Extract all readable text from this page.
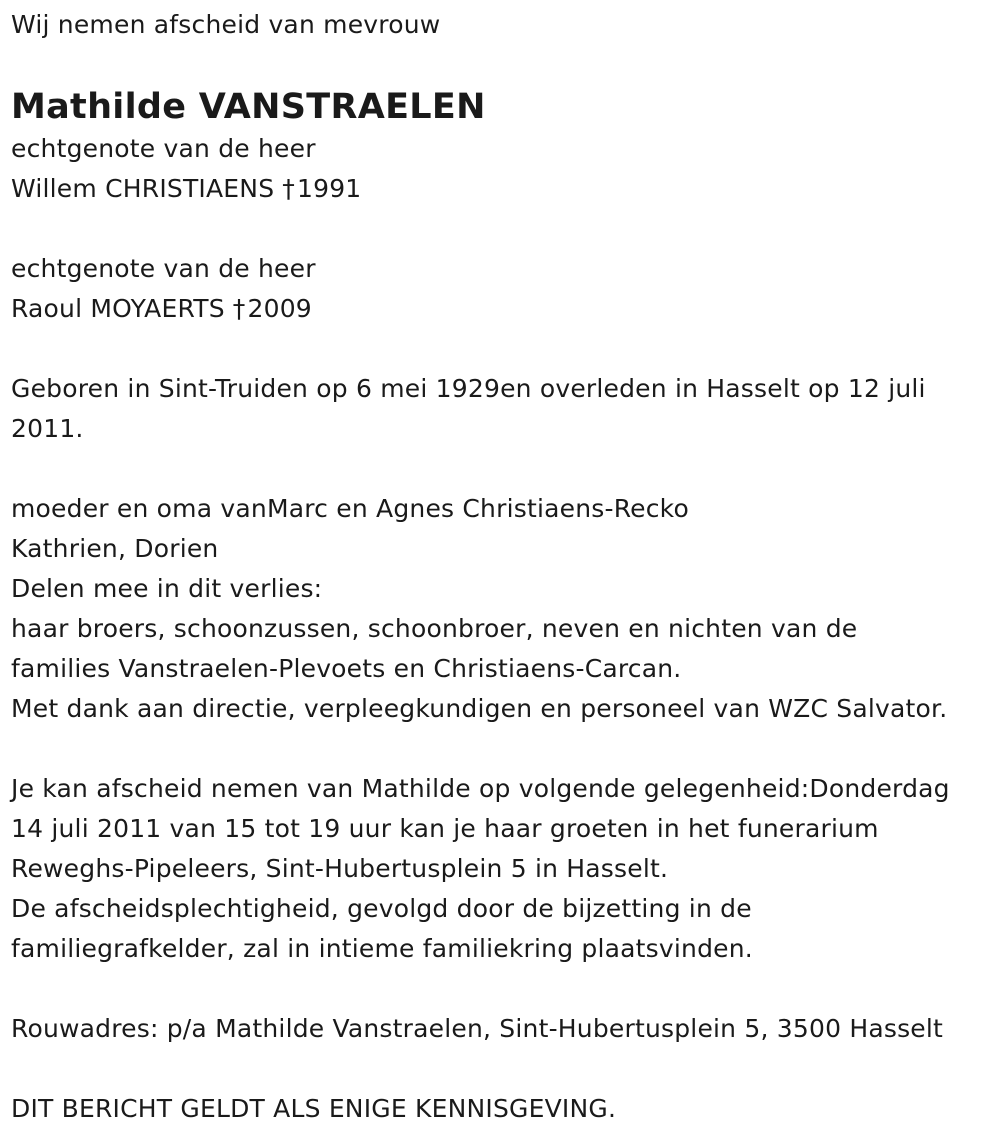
Wij nemen afscheid van mevrouw
Mathilde VANSTRAELEN
echtgenote van de heer
Willem CHRISTIAENS †1991
echtgenote van de heer
Raoul MOYAERTS †2009
Geboren in Sint-Truiden op 6 mei 1929en overleden in Hasselt op 12 juli 2011.
moeder en oma vanMarc en Agnes Christiaens-Recko
Kathrien, Dorien
Delen mee in dit verlies:
haar broers, schoonzussen, schoonbroer, neven en nichten van de
families Vanstraelen-Plevoets en Christiaens-Carcan.
Met dank aan directie, verpleegkundigen en personeel van WZC Salvator.
Je kan afscheid nemen van Mathilde op volgende gelegenheid:Donderdag
14 juli 2011 van 15 tot 19 uur kan je haar groeten in het funerarium
Reweghs-Pipeleers, Sint-Hubertusplein 5 in Hasselt.
De afscheidsplechtigheid, gevolgd door de bijzetting in de
familiegrafkelder, zal in intieme familiekring plaatsvinden.
Rouwadres: p/a Mathilde Vanstraelen, Sint-Hubertusplein 5, 3500 Hasselt
DIT BERICHT GELDT ALS ENIGE KENNISGEVING.
